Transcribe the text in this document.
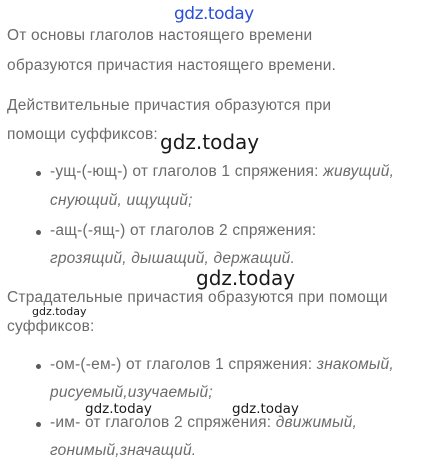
gdz.today
От основы глаголов настоящего времени
образуются причастия настоящего времени.
Действительные причастия образуются при
помощи суффиксов: gdz.today
-ущ-(-ющ-) от глаголов 1 спряжения: живущий,
снующий, ищущий;
-ащ-(-ящ-) от глаголов 2 спряжения:
грозящий, дышащий, держащий.
gdz.today
Страдательные причастия образуются при помощи
gdz.today
суффиксов:
-ом-(-ем-) от глаголов 1 спряжения: знакомый,
рисуемый,изучаемый;
gdz.today	gdz.today
-им- от глаголов 2 спряжения: движимый,
гонимый,значащий.
